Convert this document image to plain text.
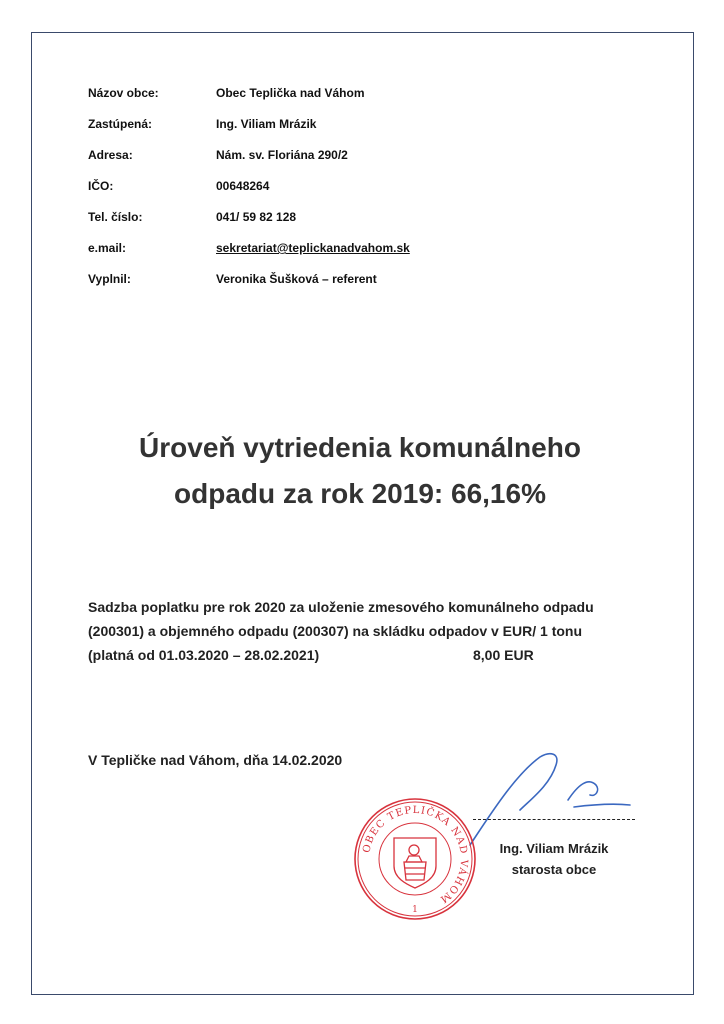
Názov obce:	Obec Teplička nad Váhom
Zastúpená:	Ing. Viliam Mrázik
Adresa:	Nám. sv. Floriána 290/2
IČO:	00648264
Tel. číslo:	041/ 59 82 128
e.mail:	sekretariat@teplickanadvahom.sk
Vyplnil:	Veronika Šušková – referent
Úroveň vytriedenia komunálneho
odpadu za rok 2019: 66,16%
Sadzba poplatku pre rok 2020 za uloženie zmesového komunálneho odpadu
(200301) a objemného odpadu (200307) na skládku odpadov v EUR/ 1 tonu
(platná od 01.03.2020 – 28.02.2021)	8,00 EUR
V Tepličke nad Váhom, dňa 14.02.2020
Ing. Viliam Mrázik
starosta obce
OBEC TEPLIČKA NAD VÁHOM
1
